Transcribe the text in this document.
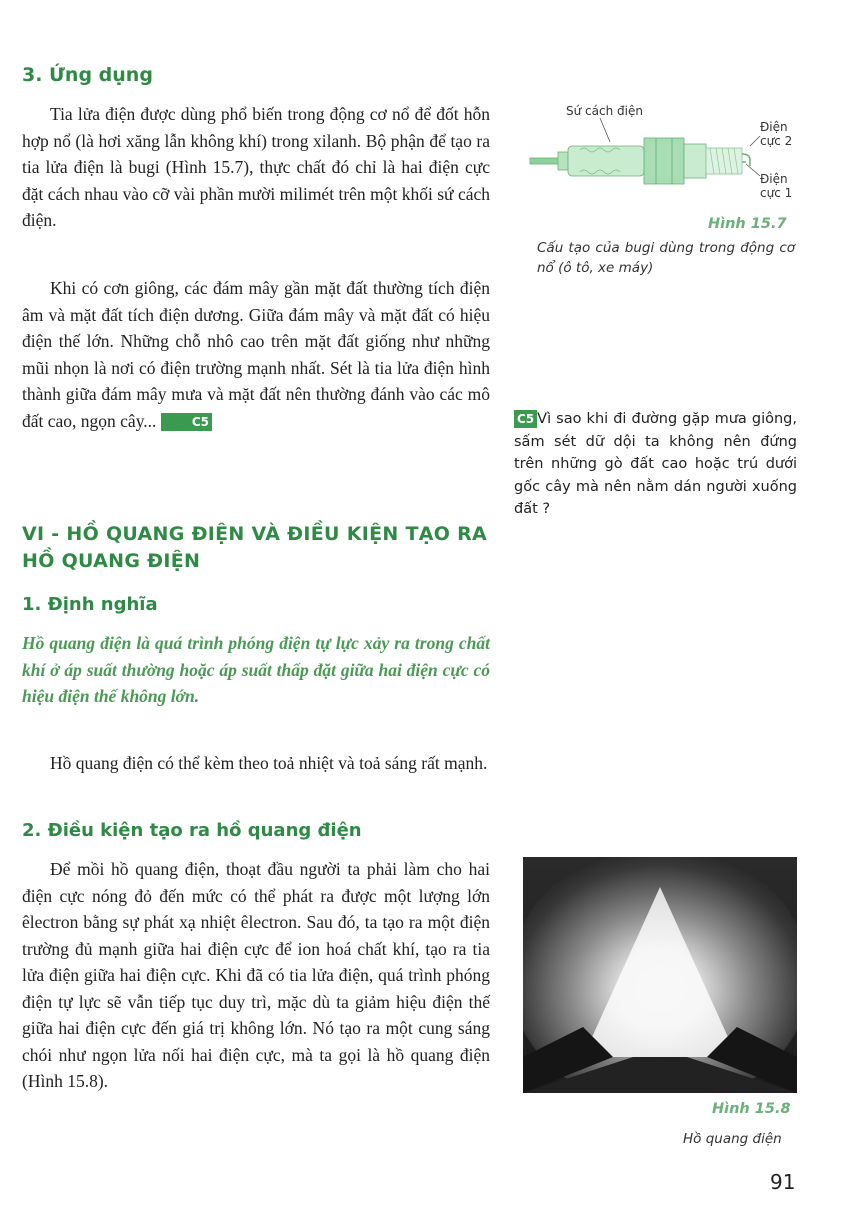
3. Ứng dụng
Tia lửa điện được dùng phổ biến trong động cơ nổ để đốt hỗn hợp nổ (là hơi xăng lẫn không khí) trong xilanh. Bộ phận để tạo ra tia lửa điện là bugi (Hình 15.7), thực chất đó chỉ là hai điện cực đặt cách nhau vào cỡ vài phần mười milimét trên một khối sứ cách điện.
Khi có cơn giông, các đám mây gần mặt đất thường tích điện âm và mặt đất tích điện dương. Giữa đám mây và mặt đất có hiệu điện thế lớn. Những chỗ nhô cao trên mặt đất giống như những mũi nhọn là nơi có điện trường mạnh nhất. Sét là tia lửa điện hình thành giữa đám mây mưa và mặt đất nên thường đánh vào các mô đất cao, ngọn cây...	C5
Sứ cách điện
Điện
cực 2
Điện
cực 1
Hình 15.7
Cấu tạo của bugi dùng trong động cơ nổ (ô tô, xe máy)
C5 Vì sao khi đi đường gặp mưa giông, sấm sét dữ dội ta không nên đứng trên những gò đất cao hoặc trú dưới gốc cây mà nên nằm dán người xuống đất ?
VI - HỒ QUANG ĐIỆN VÀ ĐIỀU KIỆN TẠO RA
HỒ QUANG ĐIỆN
1. Định nghĩa
Hồ quang điện là quá trình phóng điện tự lực xảy ra trong chất khí ở áp suất thường hoặc áp suất thấp đặt giữa hai điện cực có hiệu điện thế không lớn.
Hồ quang điện có thể kèm theo toả nhiệt và toả sáng rất mạnh.
2. Điều kiện tạo ra hồ quang điện
Để mồi hồ quang điện, thoạt đầu người ta phải làm cho hai điện cực nóng đỏ đến mức có thể phát ra được một lượng lớn êlectron bằng sự phát xạ nhiệt êlectron. Sau đó, ta tạo ra một điện trường đủ mạnh giữa hai điện cực để ion hoá chất khí, tạo ra tia lửa điện giữa hai điện cực. Khi đã có tia lửa điện, quá trình phóng điện tự lực sẽ vẫn tiếp tục duy trì, mặc dù ta giảm hiệu điện thế giữa hai điện cực đến giá trị không lớn. Nó tạo ra một cung sáng chói như ngọn lửa nối hai điện cực, mà ta gọi là hồ quang điện (Hình 15.8).
Hình 15.8
Hồ quang điện
91
